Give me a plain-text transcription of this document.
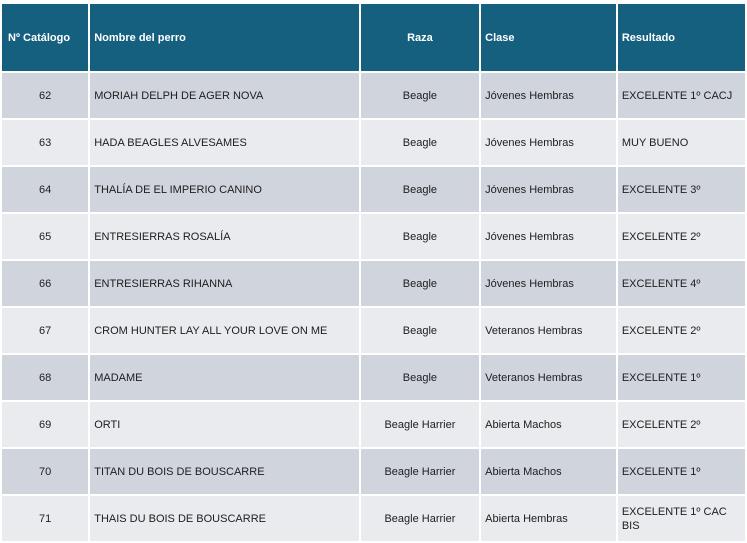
Nº Catálogo	Nombre del perro	Raza	Clase	Resultado
62	MORIAH DELPH DE AGER NOVA	Beagle	Jóvenes Hembras	EXCELENTE 1º CACJ
63	HADA BEAGLES ALVESAMES	Beagle	Jóvenes Hembras	MUY BUENO
64	THALÍA DE EL IMPERIO CANINO	Beagle	Jóvenes Hembras	EXCELENTE 3º
65	ENTRESIERRAS ROSALÍA	Beagle	Jóvenes Hembras	EXCELENTE 2º
66	ENTRESIERRAS RIHANNA	Beagle	Jóvenes Hembras	EXCELENTE 4º
67	CROM HUNTER LAY ALL YOUR LOVE ON ME	Beagle	Veteranos Hembras	EXCELENTE 2º
68	MADAME	Beagle	Veteranos Hembras	EXCELENTE 1º
69	ORTI	Beagle Harrier	Abierta Machos	EXCELENTE 2º
70	TITAN DU BOIS DE BOUSCARRE	Beagle Harrier	Abierta Machos	EXCELENTE 1º
71	THAIS DU BOIS DE BOUSCARRE	Beagle Harrier	Abierta Hembras	EXCELENTE 1º CAC BIS
